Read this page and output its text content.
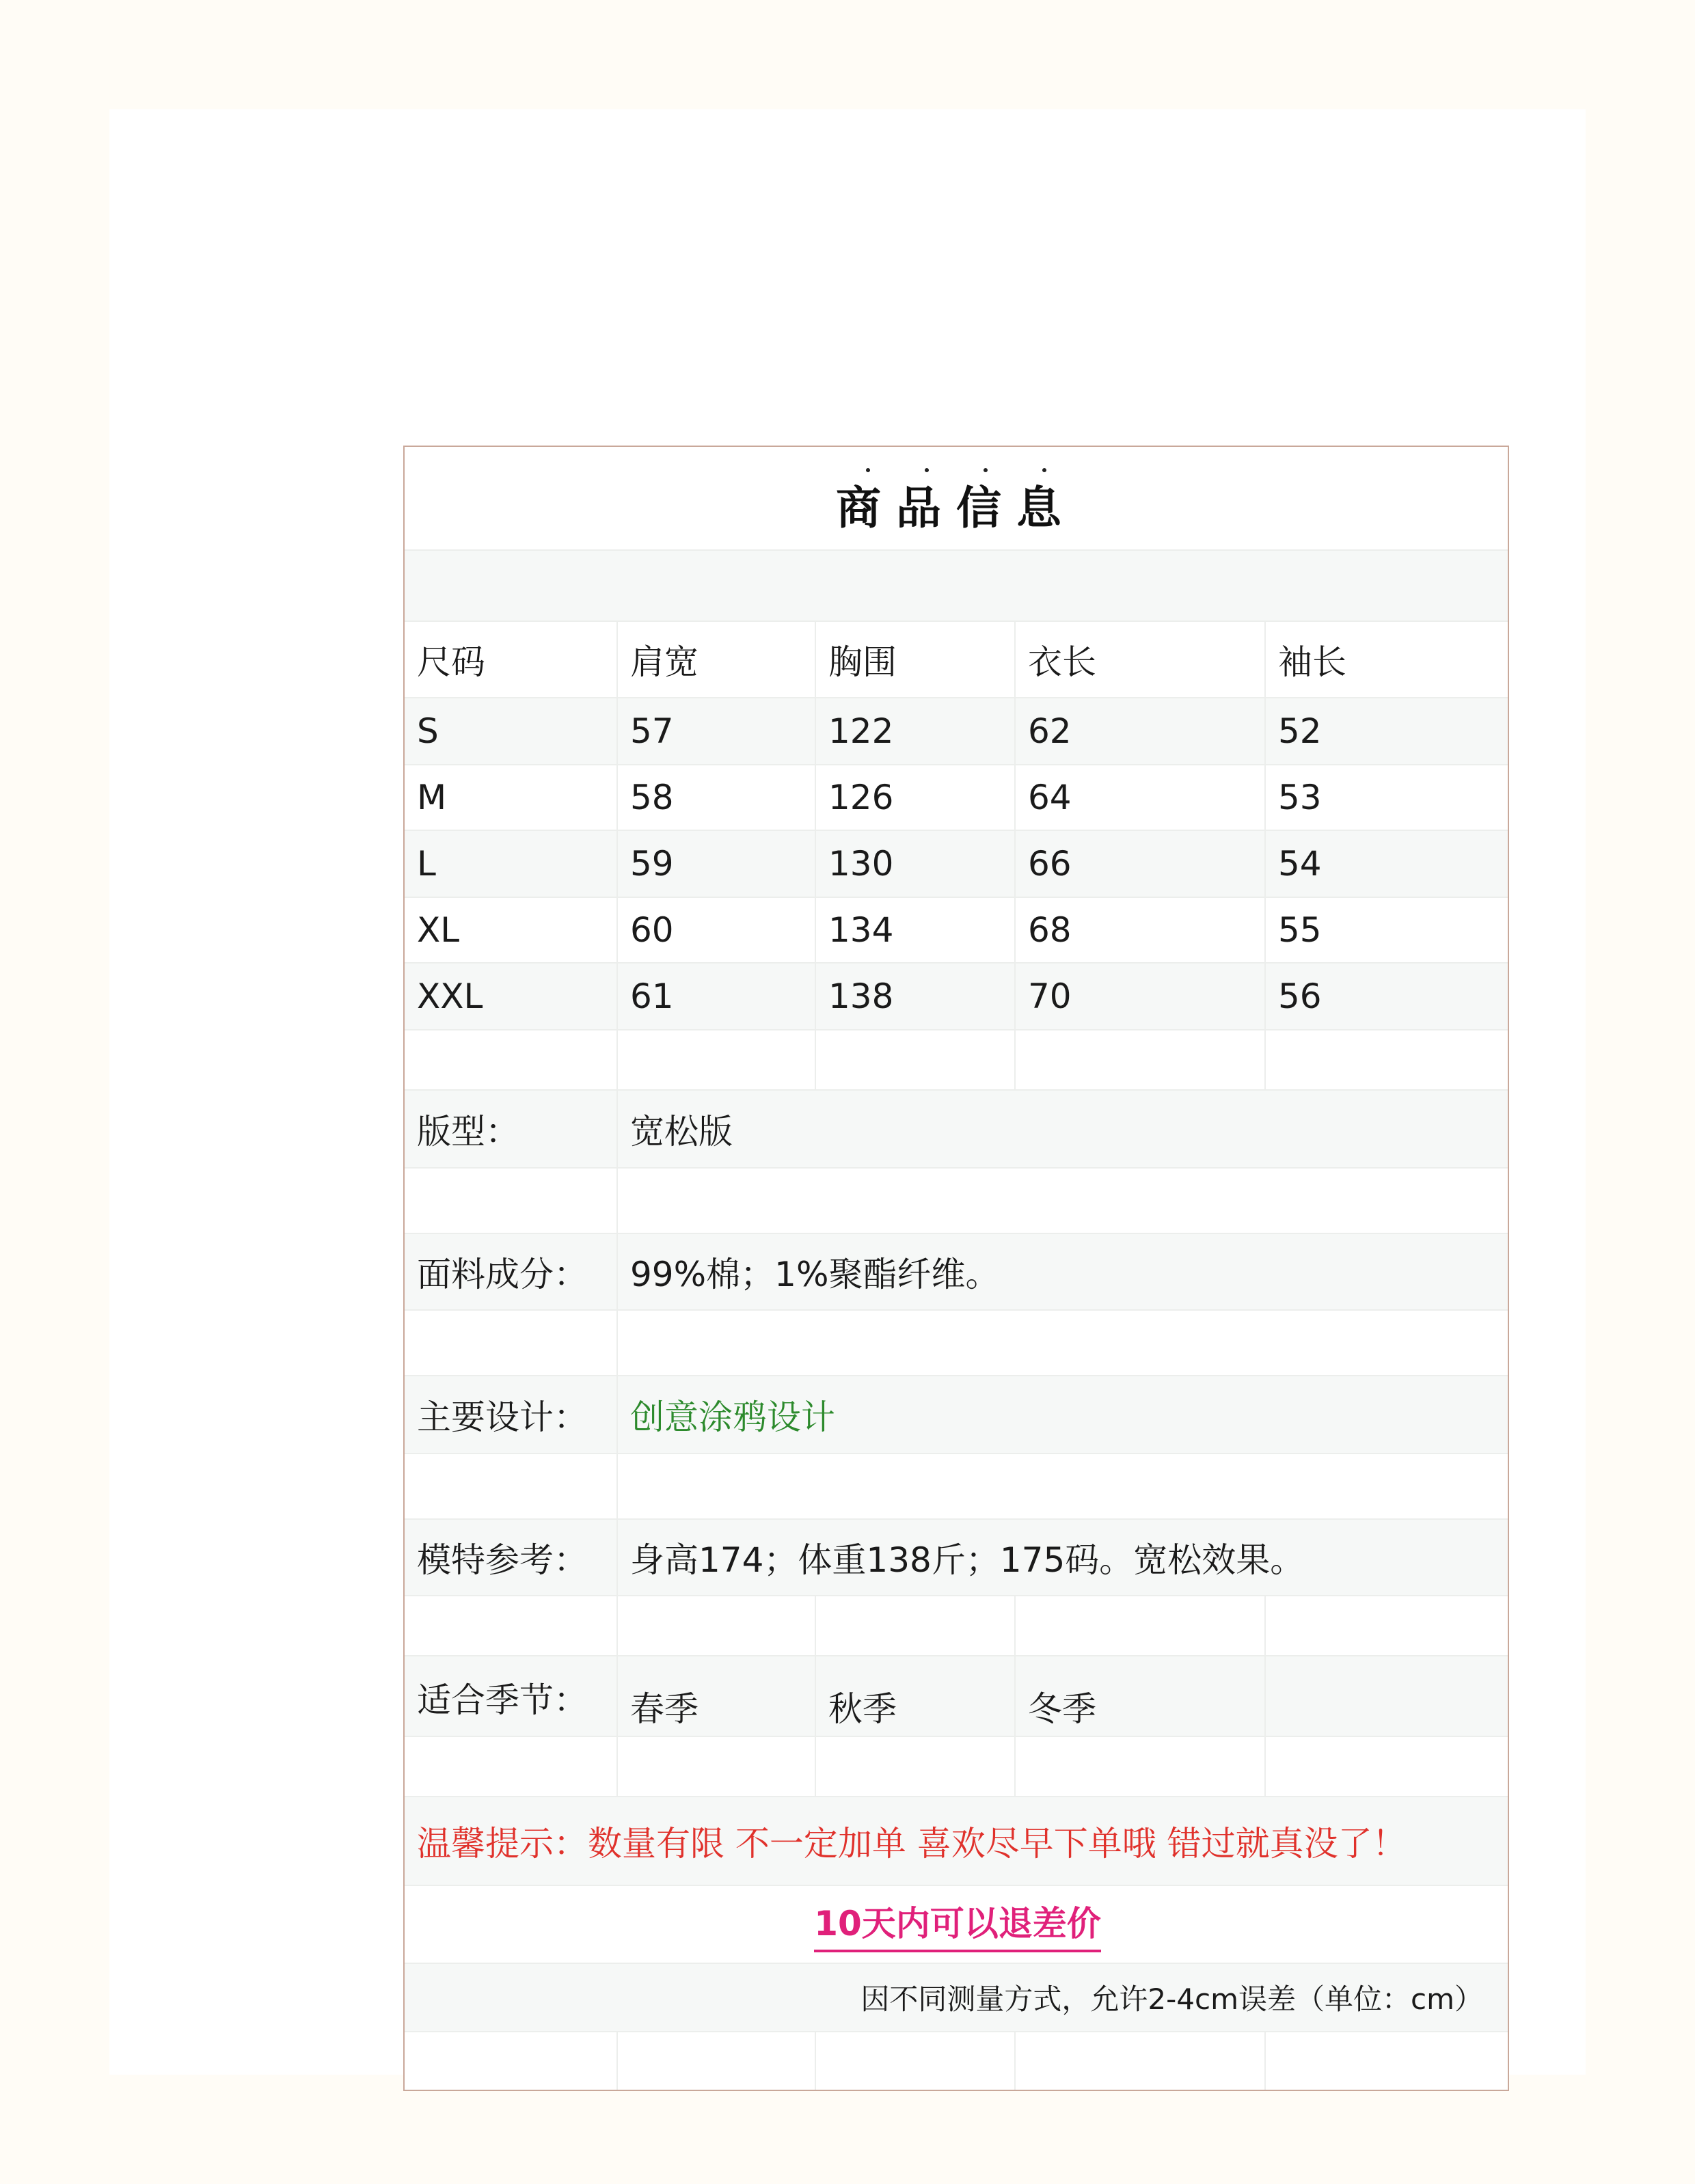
商品信息
尺码	肩宽	胸围	衣长	袖长
S	57	122	62	52
M	58	126	64	53
L	59	130	66	54
XL	60	134	68	55
XXL	61	138	70	56
版型：	宽松版
面料成分：	99%棉；1%聚酯纤维。
主要设计：	创意涂鸦设计
模特参考：	身高174；体重138斤；175码。宽松效果。
适合季节：	春季	秋季	冬季
温馨提示：数量有限 不一定加单 喜欢尽早下单哦 错过就真没了！
10天内可以退差价
因不同测量方式，允许2-4cm误差（单位：cm）
